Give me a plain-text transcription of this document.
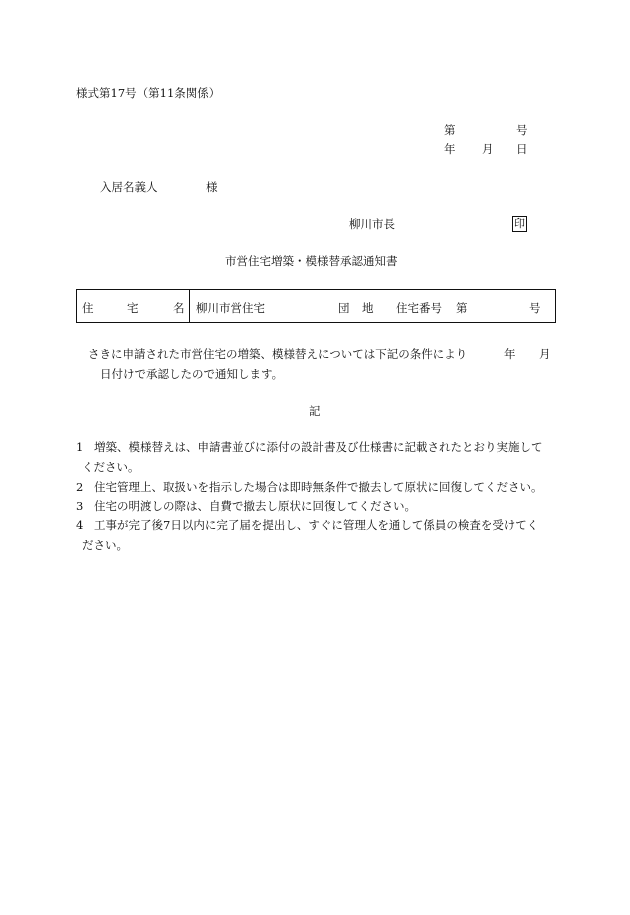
様式第17号（第11条関係）
第	号
年 月 日
入居名義人	様
柳川市長	印
市営住宅増築・模様替承認通知書
住	宅	名 柳川市営住宅	団 地 住宅番号 第	号
さきに申請された市営住宅の増築、模様替えについては下記の条件により	年 月
日付けで承認したので通知します。
記
1 増築、模様替えは、申請書並びに添付の設計書及び仕様書に記載されたとおり実施して
ください。
2 住宅管理上、取扱いを指示した場合は即時無条件で撤去して原状に回復してください。
3 住宅の明渡しの際は、自費で撤去し原状に回復してください。
4 工事が完了後7日以内に完了届を提出し、すぐに管理人を通して係員の検査を受けてく
ださい。
